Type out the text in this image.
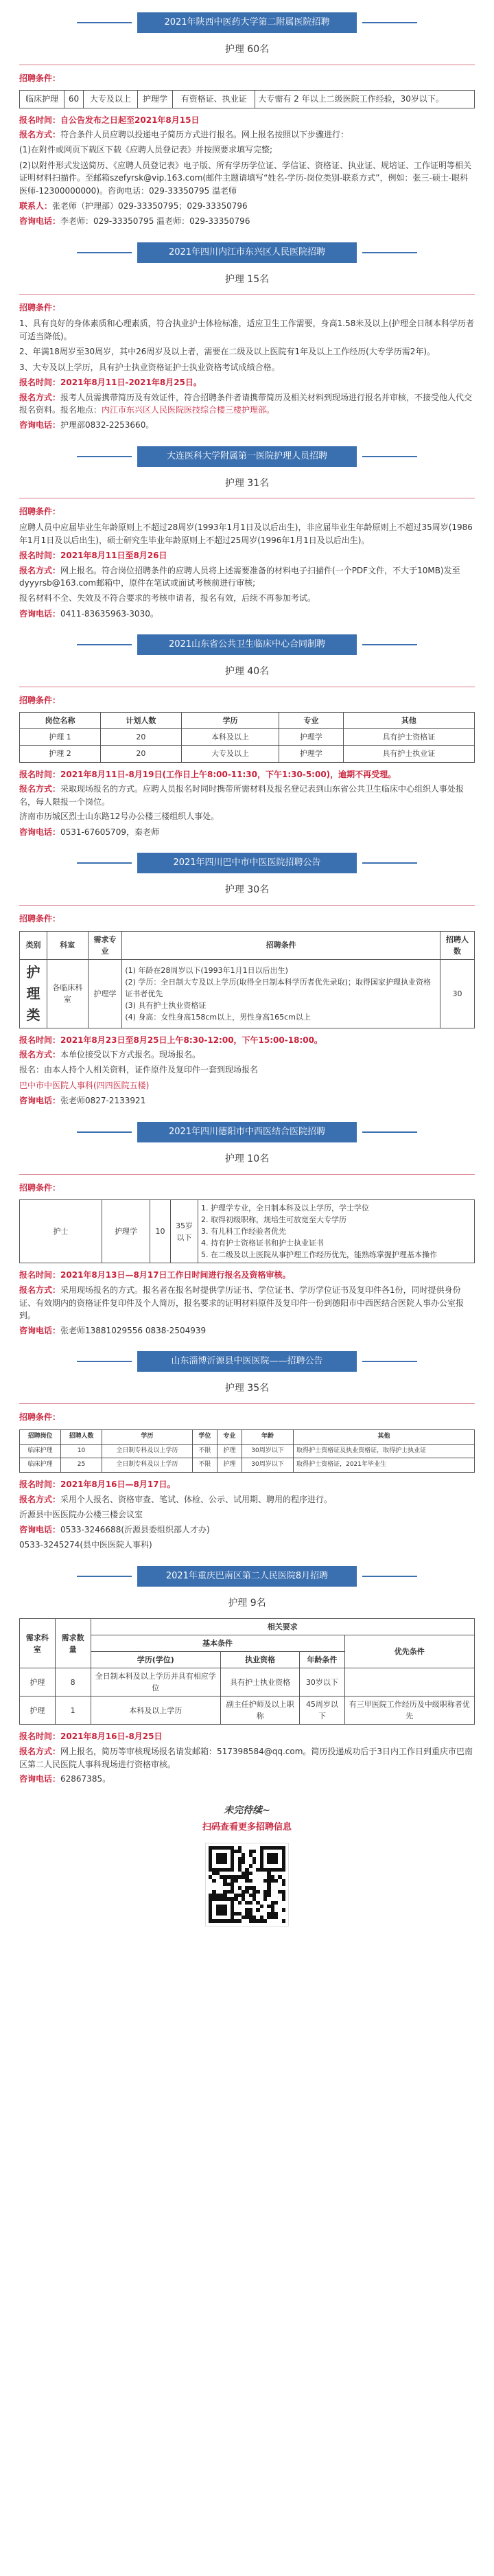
2021年陕西中医药大学第二附属医院招聘
护理 60名
招聘条件：
临床护理	60	大专及以上	护理学	有资格证、执业证	大专需有 2 年以上二级医院工作经验，30岁以下。
报名时间：自公告发布之日起至2021年8月15日
报名方式：符合条件人员应聘以投递电子简历方式进行报名。网上报名按照以下步骤进行：
(1)在附件或网页下载区下载《应聘人员登记表》并按照要求填写完整;
(2)以附件形式发送简历、《应聘人员登记表》电子版、所有学历学位证、学信证、资格证、执业证、规培证、工作证明等相关证明材料扫描件。至邮箱szefyrsk@vip.163.com(邮件主题请填写“姓名-学历-岗位类别-联系方式”，例如：张三-硕士-眼科医师-12300000000)。咨询电话：029-33350795 温老师
联系人：张老师（护理部）029-33350795；029-33350796
咨询电话：李老师：029-33350795 温老师：029-33350796
2021年四川内江市东兴区人民医院招聘
护理 15名
招聘条件：
1、具有良好的身体素质和心理素质，符合执业护士体检标准，适应卫生工作需要，身高1.58米及以上(护理全日制本科学历者可适当降低)。
2、年满18周岁至30周岁，其中26周岁及以上者，需要在二级及以上医院有1年及以上工作经历(大专学历需2年)。
3、大专及以上学历，具有护士执业资格证护士执业资格考试成绩合格。
报名时间：2021年8月11日-2021年8月25日。
报名方式：报考人员需携带简历及有效证件，符合招聘条件者请携带简历及相关材料到现场进行报名并审核，不接受他人代交报名资料。报名地点：内江市东兴区人民医院医技综合楼三楼护理部。
咨询电话：护理部0832-2253660。
大连医科大学附属第一医院护理人员招聘
护理 31名
招聘条件：
应聘人员中应届毕业生年龄原则上不超过28周岁(1993年1月1日及以后出生)，非应届毕业生年龄原则上不超过35周岁(1986年1月1日及以后出生)，硕士研究生毕业年龄原则上不超过25周岁(1996年1月1日及以后出生)。
报名时间：2021年8月11日至8月26日
报名方式：网上报名。符合岗位招聘条件的应聘人员将上述需要准备的材料电子扫描件(一个PDF文件，不大于10MB)发至dyyyrsb@163.com邮箱中，原件在笔试或面试考核前进行审核;
报名材料不全、失效及不符合要求的考核申请者，报名有效，后续不再参加考试。
咨询电话：0411-83635963-3030。
2021山东省公共卫生临床中心合同制聘
护理 40名
招聘条件：
岗位名称	计划人数	学历	专业	其他
护理 1	20	本科及以上	护理学	具有护士资格证
护理 2	20	大专及以上	护理学	具有护士执业证
报名时间：2021年8月11日-8月19日(工作日上午8:00-11:30，下午1:30-5:00)，逾期不再受理。
报名方式：采取现场报名的方式。应聘人员报名时同时携带所需材料及报名登记表到山东省公共卫生临床中心组织人事处报名，每人限报一个岗位。
济南市历城区烈士山东路12号办公楼三楼组织人事处。
咨询电话：0531-67605709，秦老师
2021年四川巴中市中医医院招聘公告
护理 30名
招聘条件：
类别	科室	需求专业	招聘条件	招聘人数
护理类	各临床科室	护理学	(1) 年龄在28周岁以下(1993年1月1日以后出生)
(2) 学历：全日制大专及以上学历(取得全日制本科学历者优先录取)；取得国家护理执业资格证书者优先
(3) 具有护士执业资格证
(4) 身高：女性身高158cm以上，男性身高165cm以上	30
报名时间：2021年8月23日至8月25日上午8:30-12:00，下午15:00-18:00。
报名方式：本单位接受以下方式报名。现场报名。
报名：由本人持个人相关资料，证件原件及复印件一套到现场报名
巴中市中医院人事科(四四医院五楼)
咨询电话：张老师0827-2133921
2021年四川德阳市中西医结合医院招聘
护理 10名
招聘条件：
护士	护理学	10	35岁以下	
1. 护理学专业，全日制本科及以上学历，学士学位
2. 取得初级职称，规培生可放宽至大专学历
3. 有儿科工作经验者优先
4. 持有护士资格证书和护士执业证书
5. 在二级及以上医院从事护理工作经历优先，能熟练掌握护理基本操作
报名时间：2021年8月13日—8月17日工作日时间进行报名及资格审核。
报名方式：采用现场报名的方式。报名者在报名时提供学历证书、学位证书、学历学位证书及复印件各1份，同时提供身份证、有效期内的资格证件复印件及个人简历，报名要求的证明材料原件及复印件一份到德阳市中西医结合医院人事办公室报到。
咨询电话：张老师13881029556 0838-2504939
山东淄博沂源县中医医院——招聘公告
护理 35名
招聘条件：
招聘岗位	招聘人数	学历	学位	专业	年龄	其他
临床护理	10	全日制专科及以上学历	不限	护理	30周岁以下	取得护士资格证及执业资格证，取得护士执业证
临床护理	25	全日制专科及以上学历	不限	护理	30周岁以下	取得护士资格证，2021年毕业生
报名时间：2021年8月16日—8月17日。
报名方式：采用个人报名、资格审查、笔试、体检、公示、试用期、聘用的程序进行。
沂源县中医医院办公楼三楼会议室
咨询电话：0533-3246688(沂源县委组织部人才办)
0533-3245274(县中医医院人事科)
2021年重庆巴南区第二人民医院8月招聘
护理 9名
需求科室	需求数量	相关要求			
		基本条件			优先条件
		学历(学位)	执业资格	年龄条件	
护理	8	全日制本科及以上学历并具有相应学位	具有护士执业资格	30岁以下	
护理	1	本科及以上学历	副主任护师及以上职称	45周岁以下	有三甲医院工作经历及中级职称者优先
报名时间：2021年8月16日-8月25日
报名方式：网上报名，简历等审核现场报名请发邮箱：517398584@qq.com。简历投递成功后于3日内工作日到重庆市巴南区第二人民医院人事科现场进行资格审核。
咨询电话：62867385。
未完待续~
扫码查看更多招聘信息
